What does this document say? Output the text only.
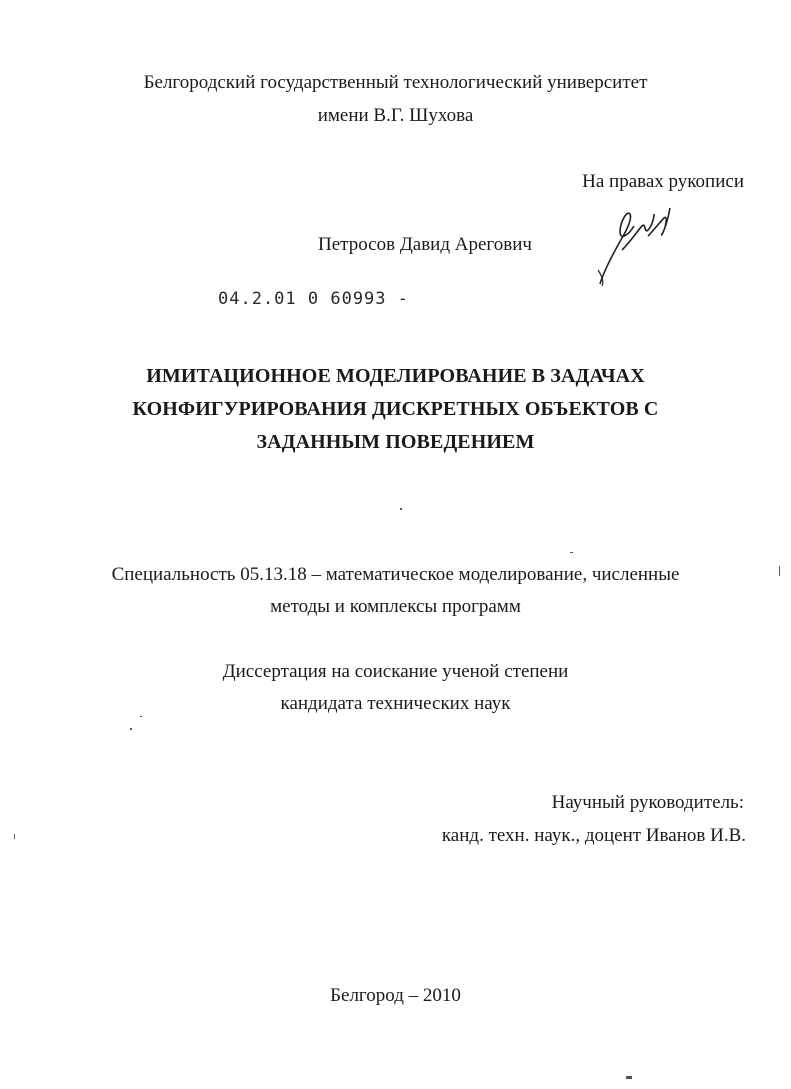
Белгородский государственный технологический университет
имени В.Г. Шухова
На правах рукописи
Петросов Давид Арегович
04.2.01 0 60993 -
ИМИТАЦИОННОЕ МОДЕЛИРОВАНИЕ В ЗАДАЧАХ
КОНФИГУРИРОВАНИЯ ДИСКРЕТНЫХ ОБЪЕКТОВ С
ЗАДАННЫМ ПОВЕДЕНИЕМ
Специальность 05.13.18 – математическое моделирование, численные
методы и комплексы программ
Диссертация на соискание ученой степени
кандидата технических наук
Научный руководитель:
канд. техн. наук., доцент Иванов И.В.
Белгород – 2010
